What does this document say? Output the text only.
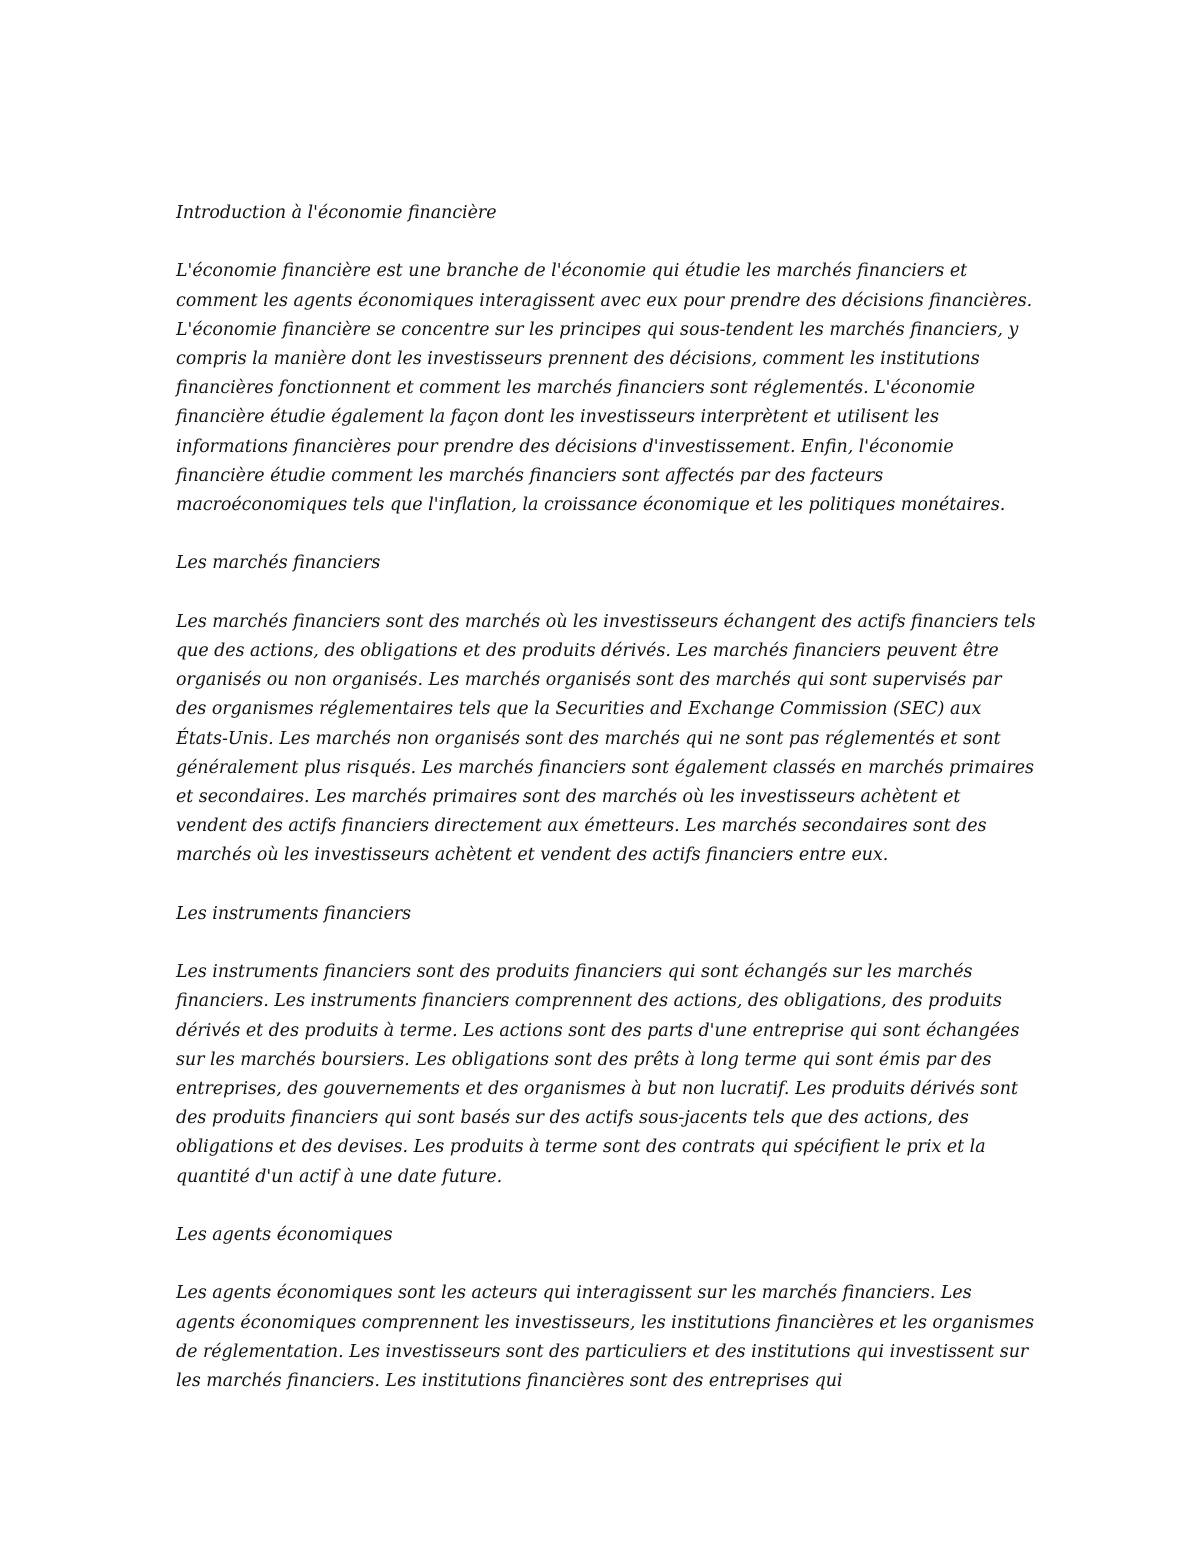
Introduction à l'économie financière

L'économie financière est une branche de l'économie qui étudie les marchés financiers et comment les agents économiques interagissent avec eux pour prendre des décisions financières. L'économie financière se concentre sur les principes qui sous-tendent les marchés financiers, y compris la manière dont les investisseurs prennent des décisions, comment les institutions financières fonctionnent et comment les marchés financiers sont réglementés. L'économie financière étudie également la façon dont les investisseurs interprètent et utilisent les informations financières pour prendre des décisions d'investissement. Enfin, l'économie financière étudie comment les marchés financiers sont affectés par des facteurs macroéconomiques tels que l'inflation, la croissance économique et les politiques monétaires.

Les marchés financiers

Les marchés financiers sont des marchés où les investisseurs échangent des actifs financiers tels que des actions, des obligations et des produits dérivés. Les marchés financiers peuvent être organisés ou non organisés. Les marchés organisés sont des marchés qui sont supervisés par des organismes réglementaires tels que la Securities and Exchange Commission (SEC) aux États-Unis. Les marchés non organisés sont des marchés qui ne sont pas réglementés et sont généralement plus risqués. Les marchés financiers sont également classés en marchés primaires et secondaires. Les marchés primaires sont des marchés où les investisseurs achètent et vendent des actifs financiers directement aux émetteurs. Les marchés secondaires sont des marchés où les investisseurs achètent et vendent des actifs financiers entre eux.

Les instruments financiers

Les instruments financiers sont des produits financiers qui sont échangés sur les marchés financiers. Les instruments financiers comprennent des actions, des obligations, des produits dérivés et des produits à terme. Les actions sont des parts d'une entreprise qui sont échangées sur les marchés boursiers. Les obligations sont des prêts à long terme qui sont émis par des entreprises, des gouvernements et des organismes à but non lucratif. Les produits dérivés sont des produits financiers qui sont basés sur des actifs sous-jacents tels que des actions, des obligations et des devises. Les produits à terme sont des contrats qui spécifient le prix et la quantité d'un actif à une date future.

Les agents économiques

Les agents économiques sont les acteurs qui interagissent sur les marchés financiers. Les agents économiques comprennent les investisseurs, les institutions financières et les organismes de réglementation. Les investisseurs sont des particuliers et des institutions qui investissent sur les marchés financiers. Les institutions financières sont des entreprises qui
